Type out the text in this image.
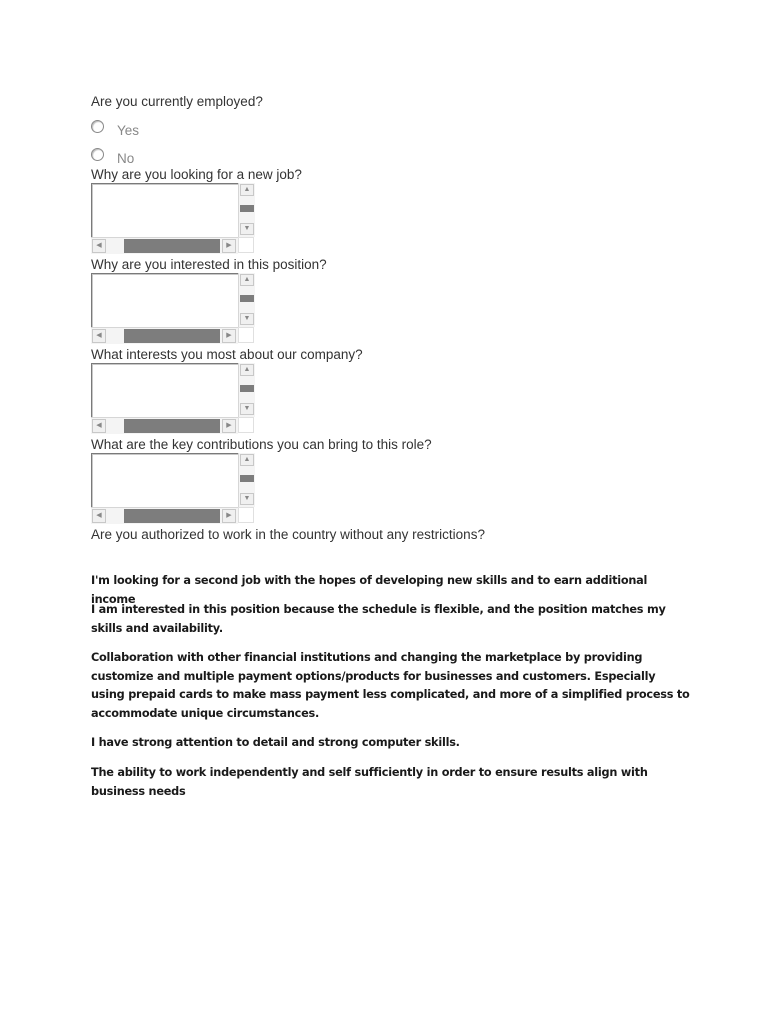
Are you currently employed?
Yes
No
Why are you looking for a new job?
▲
▼
◀	▶
Why are you interested in this position?
▲
▼
◀	▶
What interests you most about our company?
▲
▼
◀	▶
What are the key contributions you can bring to this role?
▲
▼
◀	▶
Are you authorized to work in the country without any restrictions?
I'm looking for a second job with the hopes of developing new skills and to earn additional income
I am interested in this position because the schedule is flexible, and the position matches my skills and availability.
Collaboration with other financial institutions and changing the marketplace by providing customize and multiple payment options/products for businesses and customers. Especially using prepaid cards to make mass payment less complicated, and more of a simplified process to accommodate unique circumstances.
I have strong attention to detail and strong computer skills.
The ability to work independently and self sufficiently in order to ensure results align with business needs
